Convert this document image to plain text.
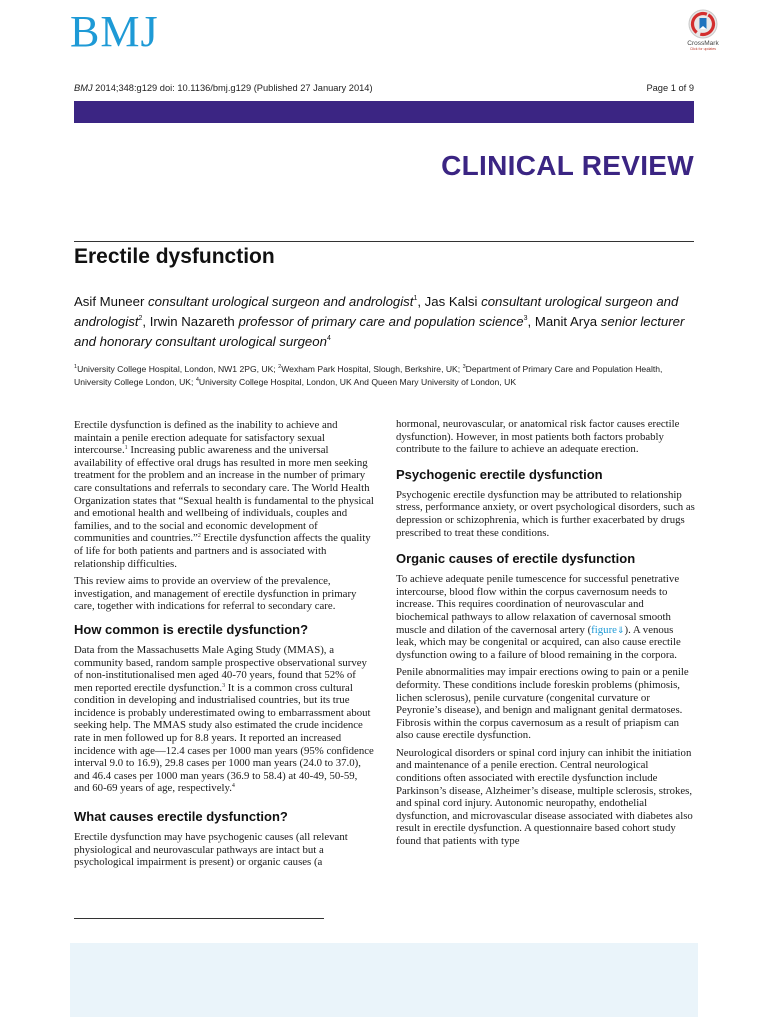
BMJ	CrossMark
Click for updates
BMJ 2014;348:g129 doi: 10.1136/bmj.g129 (Published 27 January 2014)	Page 1 of 9
CLINICAL REVIEW
Erectile dysfunction
Asif Muneer consultant urological surgeon and andrologist$^1$, Jas Kalsi consultant urological surgeon and andrologist$^2$, Irwin Nazareth professor of primary care and population science$^3$, Manit Arya senior lecturer and honorary consultant urological surgeon$^4$
$^1$University College Hospital, London, NW1 2PG, UK; $^2$Wexham Park Hospital, Slough, Berkshire, UK; $^3$Department of Primary Care and Population Health, University College London, UK; $^4$University College Hospital, London, UK And Queen Mary University of London, UK

Erectile dysfunction is defined as the inability to achieve and maintain a penile erection adequate for satisfactory sexual intercourse.$^1$ Increasing public awareness and the universal availability of effective oral drugs has resulted in more men seeking treatment for the problem and an increase in the number of primary care consultations and referrals to secondary care. The World Health Organization states that “Sexual health is fundamental to the physical and emotional health and wellbeing of individuals, couples and families, and to the social and economic development of communities and countries.”$^2$ Erectile dysfunction affects the quality of life for both patients and partners and is associated with relationship difficulties.

This review aims to provide an overview of the prevalence, investigation, and management of erectile dysfunction in primary care, together with indications for referral to secondary care.

How common is erectile dysfunction?

Data from the Massachusetts Male Aging Study (MMAS), a community based, random sample prospective observational survey of non-institutionalised men aged 40-70 years, found that 52% of men reported erectile dysfunction.$^3$ It is a common cross cultural condition in developing and industrialised countries, but its true incidence is probably underestimated owing to embarrassment about seeking help. The MMAS study also estimated the crude incidence rate in men followed up for 8.8 years. It reported an increased incidence with age—12.4 cases per 1000 man years (95% confidence interval 9.0 to 16.9), 29.8 cases per 1000 man years (24.0 to 37.0), and 46.4 cases per 1000 man years (36.9 to 58.4) at 40-49, 50-59, and 60-69 years of age, respectively.$^4$

What causes erectile dysfunction?

Erectile dysfunction may have psychogenic causes (all relevant physiological and neurovascular pathways are intact but a psychological impairment is present) or organic causes (a

hormonal, neurovascular, or anatomical risk factor causes erectile dysfunction). However, in most patients both factors probably contribute to the failure to achieve an adequate erection.

Psychogenic erectile dysfunction

Psychogenic erectile dysfunction may be attributed to relationship stress, performance anxiety, or overt psychological disorders, such as depression or schizophrenia, which is further exacerbated by drugs prescribed to treat these conditions.

Organic causes of erectile dysfunction

To achieve adequate penile tumescence for successful penetrative intercourse, blood flow within the corpus cavernosum needs to increase. This requires coordination of neurovascular and biochemical pathways to allow relaxation of cavernosal smooth muscle and dilation of the cavernosal artery (figure⇓). A venous leak, which may be congenital or acquired, can also cause erectile dysfunction owing to a failure of blood remaining in the corpora.

Penile abnormalities may impair erections owing to pain or a penile deformity. These conditions include foreskin problems (phimosis, lichen sclerosus), penile curvature (congenital curvature or Peyronie’s disease), and benign and malignant genital dermatoses. Fibrosis within the corpus cavernosum as a result of priapism can also cause erectile dysfunction.

Neurological disorders or spinal cord injury can inhibit the initiation and maintenance of a penile erection. Central neurological conditions often associated with erectile dysfunction include Parkinson’s disease, Alzheimer’s disease, multiple sclerosis, strokes, and spinal cord injury. Autonomic neuropathy, endothelial dysfunction, and microvascular disease associated with diabetes also result in erectile dysfunction. A questionnaire based cohort study found that patients with type
